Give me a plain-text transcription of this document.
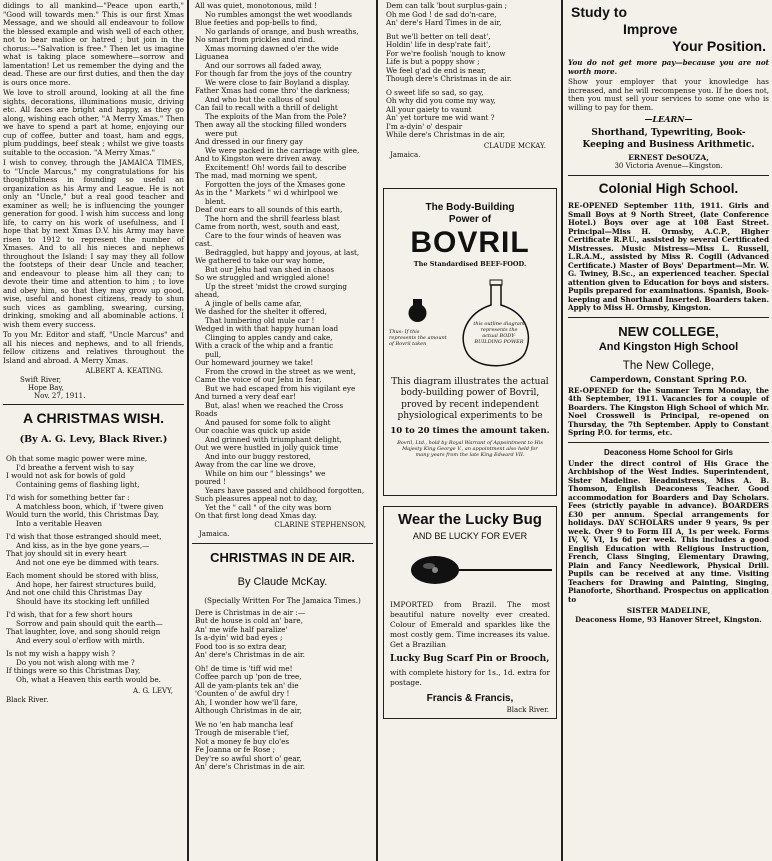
didings to all mankind—"Peace upon earth," "Good will towards men." This is our first Xmas Message, and we should all endeavour to follow the blessed example and wish well of each other, not to bear malice or hatred ; but join in the chorus:—"Salvation is free." Then let us imagine what is taking place somewhere—sorrow and lamentation! Let us remember the dying and the dead. These are our first duties, and then the day is ours once more.
We love to stroll around, looking at all the fine sights, decorations, illuminations music, driving etc. All faces are bright and happy, as they go along, wishing each other, "A Merry Xmas." Then we have to spend a part at home, enjoying our cup of coffee, butter and toast, ham and eggs, plum puddings, beef steak ; whilst we give toasts suitable to the occasion. "A Merry Xmas."
I wish to convey, through the JAMAICA TIMES, to "Uncle Marcus," my congratulations for his thoughtfulness in founding so useful an organization as his Army and League. He is not only an "Uncle," but a real good teacher and examiner as well; he is influencing the younger generation for good. I wish him success and long life, to carry on his work of usefulness, and I hope that by next Xmas D.V. his Army may have risen to 1912 to represent the number of Xmases. And to all his nieces and nephews throughout the Island: I say may they all follow the footsteps of their dear Uncle and teacher, and endeavour to please him all they can; to devote their time and attention to him ; to love and obey him, so that they may grow up good, wise, useful and honest citizens, ready to shun such vices as gambling, swearing, cursing, drinking, smoking and all abominable actions. I wish them every success.
To you Mr. Editor and staff, "Uncle Marcus" and all his nieces and nephews, and to all friends, fellow citizens and relatives throughout the Island and abroad. A Merry Xmas.
ALBERT A. KEATING.
Swift River,
Hope Bay,
Nov. 27, 1911.
A CHRISTMAS WISH.
(By A. G. Levy, Black River.)
Oh that some magic power were mine,
I'd breathe a fervent wish to say
I would not ask for bowls of gold
Containing gems of flashing light,
I'd wish for something better far :
A matchless boon, which, if 'twere given
Would turn the world, this Christmas Day,
Into a veritable Heaven
I'd wish that those estranged should meet,
And kiss, as in the bye gone years,—
That joy should sit in every heart
And not one eye be dimmed with tears.
Each moment should be stored with bliss,
And hope, her fairest structures build,
And not one child this Christmas Day
Should have its stocking left unfilled
I'd wish, that for a few short hours
Sorrow and pain should quit the earth—
That laughter, love, and song should reign
And every soul o'erflow with mirth.
Is not my wish a happy wish ?
Do you not wish along with me ?
If things were so this Christmas Day,
Oh, what a Heaven this earth would be.
A. G. LEVY,
Black River.
All was quiet, monotonous, mild !
No rumbles amongst the wet woodlands
Blue feeties and pop-bells to find,
No garlands of orange, and bush wreaths,
No smart from prickles and rind.
Xmas morning dawned o'er the wide
Liguanea
And our sorrows all faded away,
For though far from the joys of the country
We were close to fair Boyland a display.
Father Xmas had come thro' the darkness;
And who but the callous of soul
Can fail to recall with a thrill of delight
The exploits of the Man from the Pole?
Then away all the stocking filled wonders
were put
And dressed in our finery gay
We were packed in the carriage with glee,
And to Kingston were driven away.
Excitement! Oh! words fail to describe
The mad, mad morning we spent,
Forgotten the joys of the Xmases gone
As in the " Markets " wi d whirlpool we
blent.
Deaf our ears to all sounds of this earth,
The horn and the shrill fearless blast
Came from north, west, south and east,
Care to the four winds of heaven was
cast.
Bedraggled, but happy and joyous, at last,
We gathered to take our way home,
But our Jehu had van shed in chaos
So we struggled and wriggled alone!
Up the street 'midst the crowd surging
ahead,
A jingle of bells came afar,
We dashed for the shelter it offered,
That lumbering old mule car !
Wedged in with that happy human load
Clinging to apples candy and cake,
With a crack of the whip and a frantic
pull,
Our homeward journey we take!
From the crowd in the street as we went,
Came the voice of our Jehu in fear,
But we had escaped from his vigilant eye
And turned a very deaf ear!
But, alas! when we reached the Cross
Roads
And paused for some folk to alight
Our coachie was quick up aside
And grinned with triumphant delight,
Out we were hustled in jolly quick time
And into our buggy restored,
Away from the car line we drove,
While on him our " blessings" we
poured !
Years have passed and childhood forgotten,
Such pleasures appeal not to day,
Yet the " call " of the city was born
On that first long dead Xmas day.
CLARINE STEPHENSON,
Jamaica.
CHRISTMAS IN DE AIR.
By Claude McKay.
(Specially Written For The Jamaica Times.)
Dere is Christmas in de air :—
But de house is cold an' bare,
An' me wife half paralize'
Is a-dyin' wid bad eyes ;
Food too is so extra dear,
An' dere's Christmas in de air.
Oh! de time is 'tiff wid me!
Coffee parch up 'pon de tree,
All de yam-plants tek an' die
'Counten o' de awful dry !
Ah, I wonder how we'll fare,
Although Christmas in de air,
We no 'en hab mancha leaf
Trough de miserable t'ief,
Not a money fe buy clo'es
Fe Joanna or fe Rose ;
Dey're so awful short o' gear,
An' dere's Christmas in de air.
Dem can talk 'bout surplus-gain ;
Oh me God ! de sad do'n-care,
An' dere's Hard Times in de air,
But we'll better on tell deat',
Holdin' life in desp'rate fait',
For we're foolish 'nough to know
Life is but a poppy show ;
We feel g'ad de end is near,
Though dere's Christmas in de air.
O sweet life so sad, so gay,
Oh why did you come my way,
All your gaiety to vaunt
An' yet torture me wid want ?
I'm a-dyin' o' despair
While dere's Christmas in de air,
CLAUDE MCKAY.
Jamaica.
The Body-Building
Power of
BOVRIL
The Standardised BEEF-FOOD.
Thus: If this represents the amount of Bovril taken
this outline diagram represents the actual BODY-BUILDING POWER
This diagram illustrates the actual body-building power of Bovril, proved by recent independent physiological experiments to be
10 to 20 times the amount taken.
Bovril, Ltd., hold by Royal Warrant of Appointment to His Majesty King George V., an appointment also held for many years from the late King Edward VII.
Wear the Lucky Bug
AND BE LUCKY FOR EVER
IMPORTED from Brazil. The most beautiful nature novelty ever created. Colour of Emerald and sparkles like the most costly gem. Time increases its value. Get a Brazilian
Lucky Bug Scarf Pin or Brooch,
with complete history for 1s., 1d. extra for postage.
Francis & Francis,
Black River.
Study to
Improve
Your Position.
You do not get more pay—because you are not worth more.
Show your employer that your knowledge has increased, and he will recompense you. If he does not, then you must sell your services to some one who is willing to pay for them.
—LEARN—
Shorthand, Typewriting, Book-Keeping and Business Arithmetic.
ERNEST DeSOUZA,
30 Victoria Avenue—Kingston.
Colonial High School.
RE-OPENED September 11th, 1911. Girls and Small Boys at 9 North Street, (late Conference Hotel.) Boys over age at 108 East Street. Principal—Miss H. Ormsby, A.C.P., Higher Certificate R.P.U., assisted by several Certificated Mistresses. Music Mistress—Miss L. Russell, L.R.A.M., assisted by Miss R. Cogill (Advanced Certificate.) Master of Boys' Department—Mr. W. G. Twiney, B.Sc., an experienced teacher. Special attention given to Education for boys and sisters. Pupils prepared for examinations. Spanish, Book-keeping and Shorthand Inserted. Boarders taken. Apply to Miss H. Ormsby, Kingston.
NEW COLLEGE,
And Kingston High School
The New College,
Camperdown, Constant Spring P.O.
RE-OPENED for the Summer Term Monday, the 4th September, 1911. Vacancies for a couple of Boarders. The Kingston High School of which Mr. Noel Crosswell is Principal, re-opened on Thursday, the 7th September. Apply to Constant Spring P.O. for terms, etc.
Deaconess Home School for Girls
Under the direct control of His Grace the Archbishop of the West Indies. Superintendent, Sister Madeline. Headmistress, Miss A. B. Thomson, English Deaconess Teacher. Good accommodation for Boarders and Day Scholars. Fees (strictly payable in advance). BOARDERS £30 per annum. Special arrangements for holidays. DAY SCHOLARS under 9 years, 9s per week. Over 9 to Form III A, 1s per week. Forms IV, V, VI, 1s 6d per week. This includes a good English Education with Religious Instruction, French, Class Singing, Elementary Drawing, Plain and Fancy Needlework, Physical Drill. Pupils can be received at any time. Visiting Teachers for Drawing and Painting, Singing, Pianoforte, Shorthand. Prospectus on application to
SISTER MADELINE,
Deaconess Home, 93 Hanover Street, Kingston.
